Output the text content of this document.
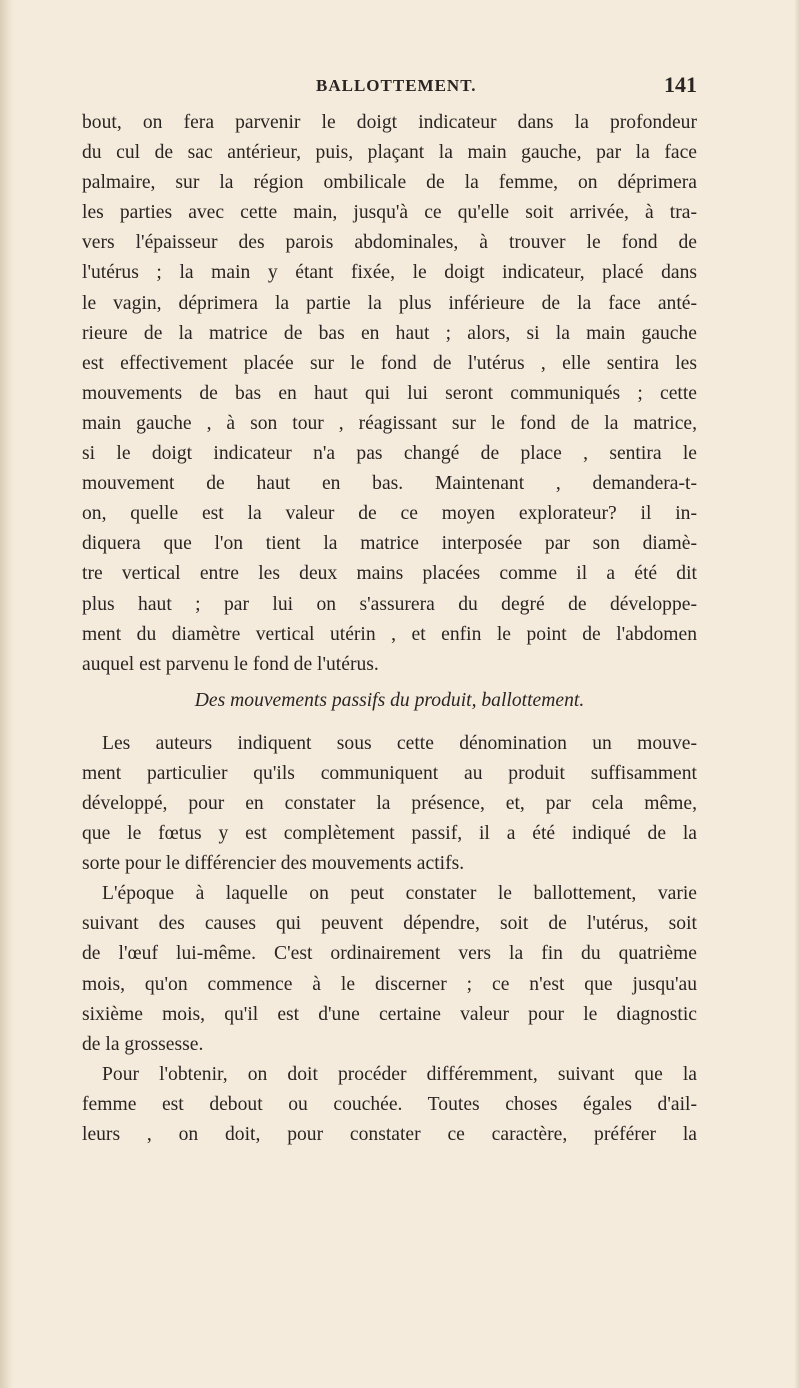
BALLOTTEMENT.	141
bout, on fera parvenir le doigt indicateur dans la profondeur
du cul de sac antérieur, puis, plaçant la main gauche, par la face
palmaire, sur la région ombilicale de la femme, on déprimera
les parties avec cette main, jusqu'à ce qu'elle soit arrivée, à tra-
vers l'épaisseur des parois abdominales, à trouver le fond de
l'utérus ; la main y étant fixée, le doigt indicateur, placé dans
le vagin, déprimera la partie la plus inférieure de la face anté-
rieure de la matrice de bas en haut ; alors, si la main gauche
est effectivement placée sur le fond de l'utérus , elle sentira les
mouvements de bas en haut qui lui seront communiqués ; cette
main gauche , à son tour , réagissant sur le fond de la matrice,
si le doigt indicateur n'a pas changé de place , sentira le
mouvement de haut en bas. Maintenant , demandera-t-
on, quelle est la valeur de ce moyen explorateur? il in-
diquera que l'on tient la matrice interposée par son diamè-
tre vertical entre les deux mains placées comme il a été dit
plus haut ; par lui on s'assurera du degré de développe-
ment du diamètre vertical utérin , et enfin le point de l'abdomen
auquel est parvenu le fond de l'utérus.
Des mouvements passifs du produit, ballottement.
Les auteurs indiquent sous cette dénomination un mouve-
ment particulier qu'ils communiquent au produit suffisamment
développé, pour en constater la présence, et, par cela même,
que le fœtus y est complètement passif, il a été indiqué de la
sorte pour le différencier des mouvements actifs.
L'époque à laquelle on peut constater le ballottement, varie
suivant des causes qui peuvent dépendre, soit de l'utérus, soit
de l'œuf lui-même. C'est ordinairement vers la fin du quatrième
mois, qu'on commence à le discerner ; ce n'est que jusqu'au
sixième mois, qu'il est d'une certaine valeur pour le diagnostic
de la grossesse.
Pour l'obtenir, on doit procéder différemment, suivant que la
femme est debout ou couchée. Toutes choses égales d'ail-
leurs , on doit, pour constater ce caractère, préférer la
